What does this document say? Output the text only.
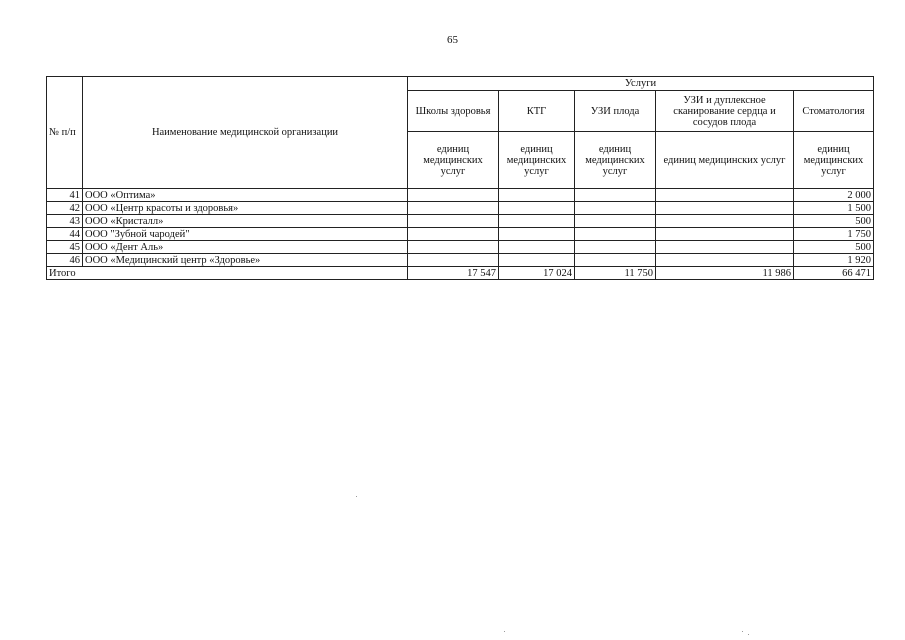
65
№ п/п	Наименование медицинской организации	Услуги				
		Школы здоровья	КТГ	УЗИ плода	УЗИ и дуплексное сканирование сердца и сосудов плода	Стоматология
		единиц медицинских услуг	единиц медицинских услуг	единиц медицинских услуг	единиц медицинских услуг	единиц медицинских услуг
41	ООО «Оптима»					2 000
42	ООО «Центр красоты и здоровья»					1 500
43	ООО «Кристалл»					500
44	ООО "Зубной чародей"					1 750
45	ООО «Дент Аль»					500
46	ООО «Медицинский центр «Здоровье»					1 920
Итого		17 547	17 024	11 750	11 986	66 471
